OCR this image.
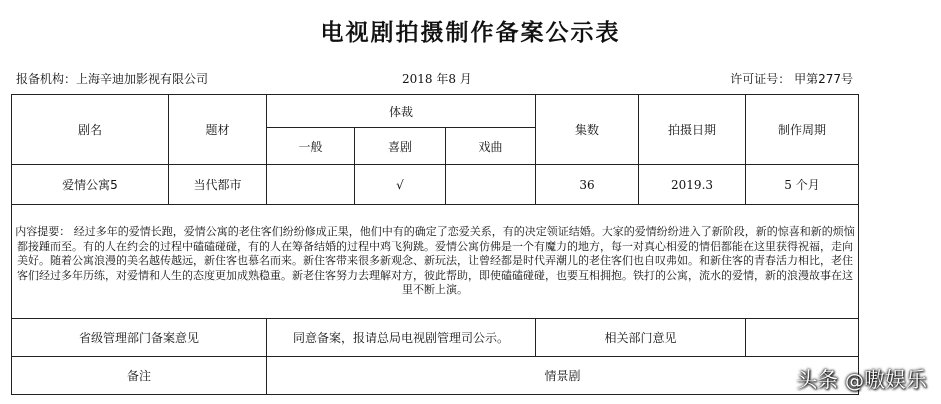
电视剧拍摄制作备案公示表
报备机构：上海辛迪加影视有限公司	2018 年8 月	许可证号： 甲第277号
剧名	题材	体裁			集数	拍摄日期	制作周期
		一般	喜剧	戏曲			
爱情公寓5	当代都市		√		36	2019.3	5 个月
内容提要： 经过多年的爱情长跑，爱情公寓的老住客们纷纷修成正果，他们中有的确定了恋爱关系，有的决定领证结婚。大家的爱情纷纷进入了新阶段，新的惊喜和新的烦恼都接踵而至。有的人在约会的过程中磕磕碰碰，有的人在筹备结婚的过程中鸡飞狗跳。爱情公寓仿佛是一个有魔力的地方，每一对真心相爱的情侣都能在这里获得祝福，走向美好。随着公寓浪漫的美名越传越远，新住客也慕名而来。新住客带来很多新观念、新玩法，让曾经都是时代弄潮儿的老住客们也自叹弗如。和新住客的青春活力相比，老住客们经过多年历练，对爱情和人生的态度更加成熟稳重。新老住客努力去理解对方，彼此帮助，即使磕磕碰碰，也要互相拥抱。铁打的公寓，流水的爱情，新的浪漫故事在这里不断上演。							
省级管理部门备案意见		同意备案，报请总局电视剧管理司公示。			相关部门意见		
备注		情景剧						头条 @嗷娱乐
